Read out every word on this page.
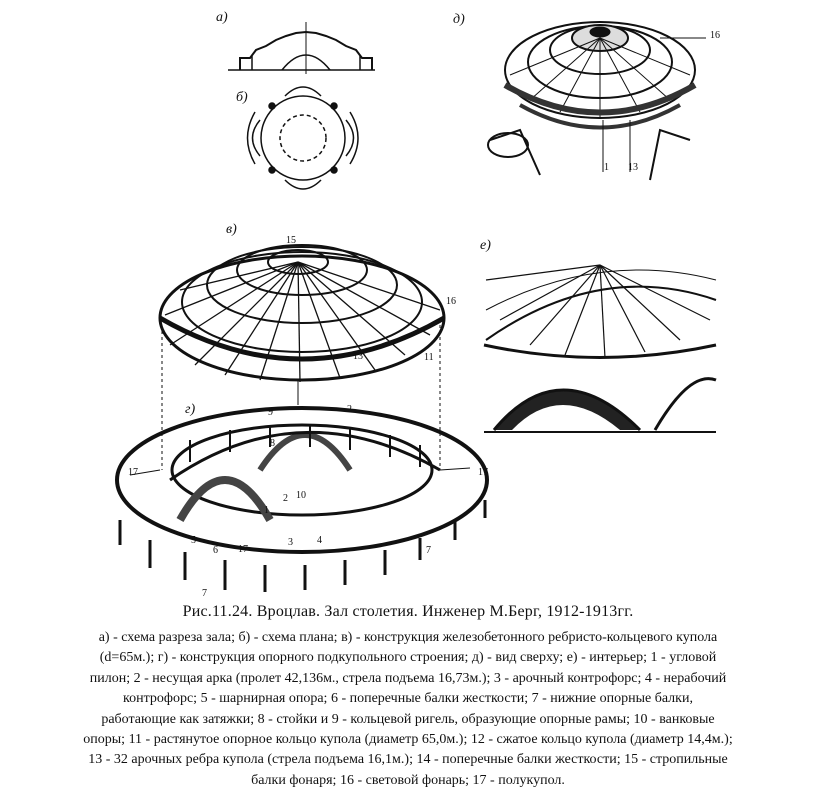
а)
б)
в)
г)
д)
е)
16
1 13
15
16
13	11
9	2
8
17	17
2 10
1
3 4
5
6 17	7
7
Рис.11.24. Вроцлав. Зал столетия. Инженер М.Берг, 1912-1913гг.
а) - схема разреза зала; б) - схема плана; в) - конструкция железобетонного ребристо-кольцевого купола
(d=65м.); г) - конструкция опорного подкупольного строения; д) - вид сверху; е) - интерьер; 1 - угловой
пилон; 2 - несущая арка (пролет 42,136м., стрела подъема 16,73м.); 3 - арочный контрофорс; 4 - нерабочий
контрофорс; 5 - шарнирная опора; 6 - поперечные балки жесткости; 7 - нижние опорные балки,
работающие как затяжки; 8 - стойки и 9 - кольцевой ригель, образующие опорные рамы; 10 - ванковые
опоры; 11 - растянутое опорное кольцо купола (диаметр 65,0м.); 12 - сжатое кольцо купола (диаметр 14,4м.);
13 - 32 арочных ребра купола (стрела подъема 16,1м.); 14 - поперечные балки жесткости; 15 - стропильные
балки фонаря; 16 - световой фонарь; 17 - полукупол.
